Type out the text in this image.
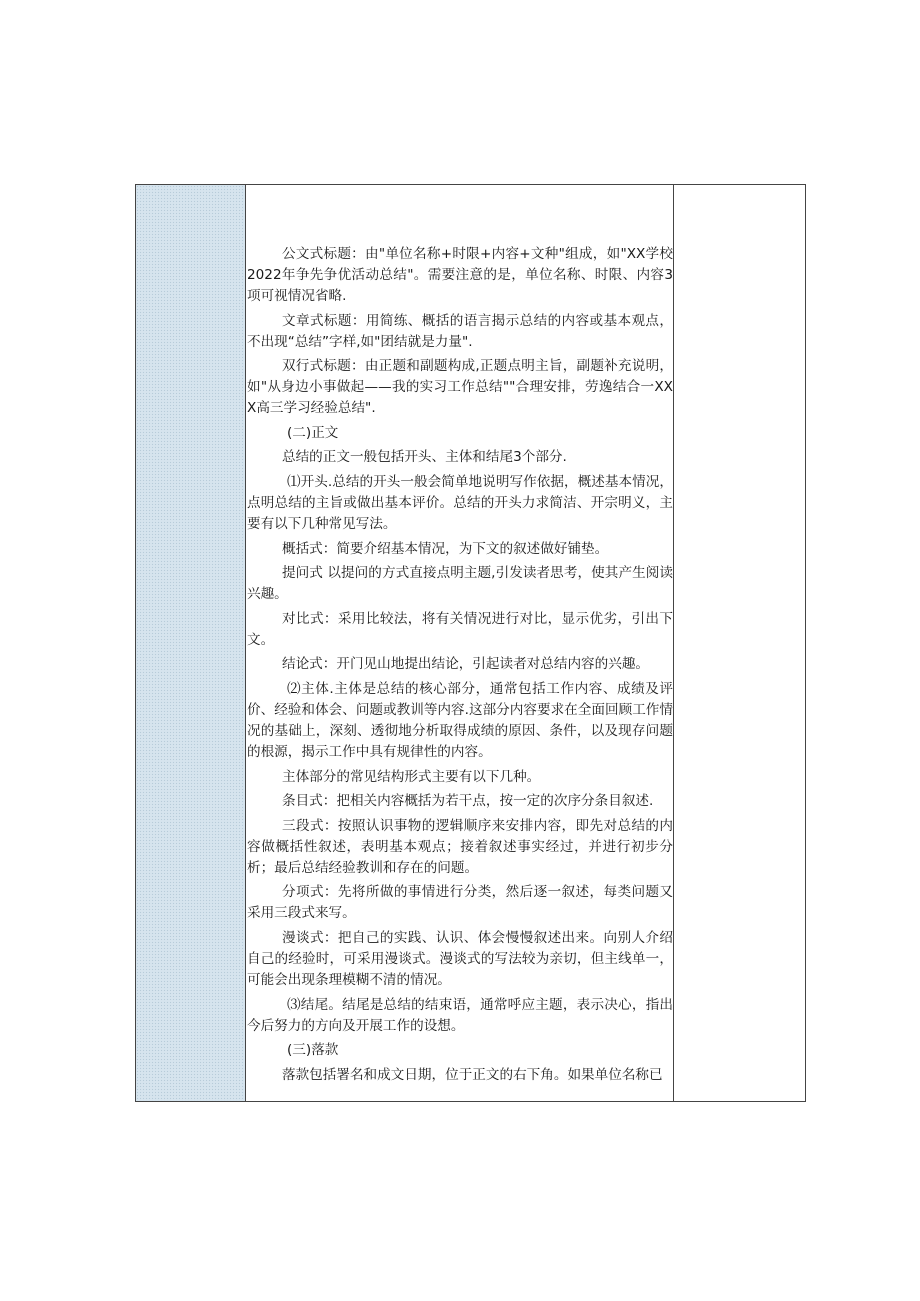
公文式标题：由"单位名称+时限+内容+文种"组成，如"XX学校2022年争先争优活动总结"。需要注意的是，单位名称、时限、内容3项可视情况省略.

文章式标题：用简练、概括的语言揭示总结的内容或基本观点，不出现“总结”字样,如"团结就是力量".

双行式标题：由正题和副题构成,正题点明主旨，副题补充说明，如"从身边小事做起——我的实习工作总结""合理安排，劳逸结合一XXX高三学习经验总结".

(二)正文

总结的正文一般包括开头、主体和结尾3个部分.

⑴开头.总结的开头一般会简单地说明写作依据，概述基本情况，点明总结的主旨或做出基本评价。总结的开头力求简洁、开宗明义，主要有以下几种常见写法。

概括式：简要介绍基本情况，为下文的叙述做好铺垫。

提问式 以提问的方式直接点明主题,引发读者思考，使其产生阅读兴趣。

对比式：采用比较法，将有关情况进行对比，显示优劣，引出下文。

结论式：开门见山地提出结论，引起读者对总结内容的兴趣。

⑵主体.主体是总结的核心部分，通常包括工作内容、成绩及评价、经验和体会、问题或教训等内容.这部分内容要求在全面回顾工作情况的基础上，深刻、透彻地分析取得成绩的原因、条件，以及现存问题的根源，揭示工作中具有规律性的内容。

主体部分的常见结构形式主要有以下几种。

条目式：把相关内容概括为若干点，按一定的次序分条目叙述.

三段式：按照认识事物的逻辑顺序来安排内容，即先对总结的内容做概括性叙述，表明基本观点；接着叙述事实经过，并进行初步分析；最后总结经验教训和存在的问题。

分项式：先将所做的事情进行分类，然后逐一叙述，每类问题又采用三段式来写。

漫谈式：把自己的实践、认识、体会慢慢叙述出来。向别人介绍自己的经验时，可采用漫谈式。漫谈式的写法较为亲切，但主线单一，可能会出现条理模糊不清的情况。

⑶结尾。结尾是总结的结束语，通常呼应主题，表示决心，指出今后努力的方向及开展工作的设想。

(三)落款

落款包括署名和成文日期，位于正文的右下角。如果单位名称已
